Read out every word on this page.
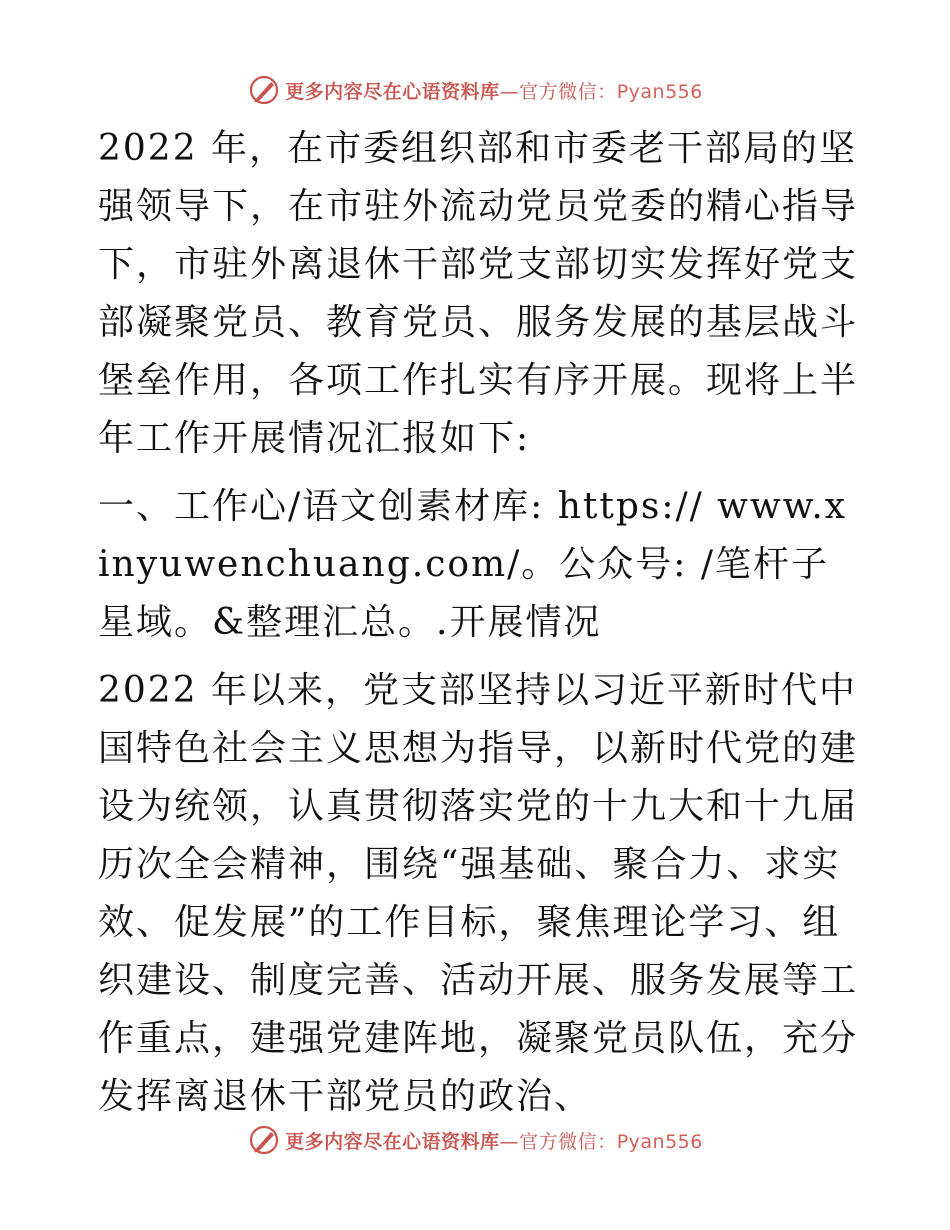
更多内容尽在心语资料库—官方微信：Pyan556

2022 年，在市委组织部和市委老干部局的坚强领导下，在市驻外流动党员党委的精心指导下，市驻外离退休干部党支部切实发挥好党支部凝聚党员、教育党员、服务发展的基层战斗堡垒作用，各项工作扎实有序开展。现将上半年工作开展情况汇报如下:

一、工作心/语文创素材库: https:// www.xinyuwenchuang.com/。公众号: /笔杆子星域。&整理汇总。.开展情况

2022 年以来，党支部坚持以习近平新时代中国特色社会主义思想为指导，以新时代党的建设为统领，认真贯彻落实党的十九大和十九届历次全会精神，围绕“强基础、聚合力、求实效、促发展”的工作目标，聚焦理论学习、组织建设、制度完善、活动开展、服务发展等工作重点，建强党建阵地，凝聚党员队伍，充分发挥离退休干部党员的政治、

更多内容尽在心语资料库—官方微信：Pyan556
